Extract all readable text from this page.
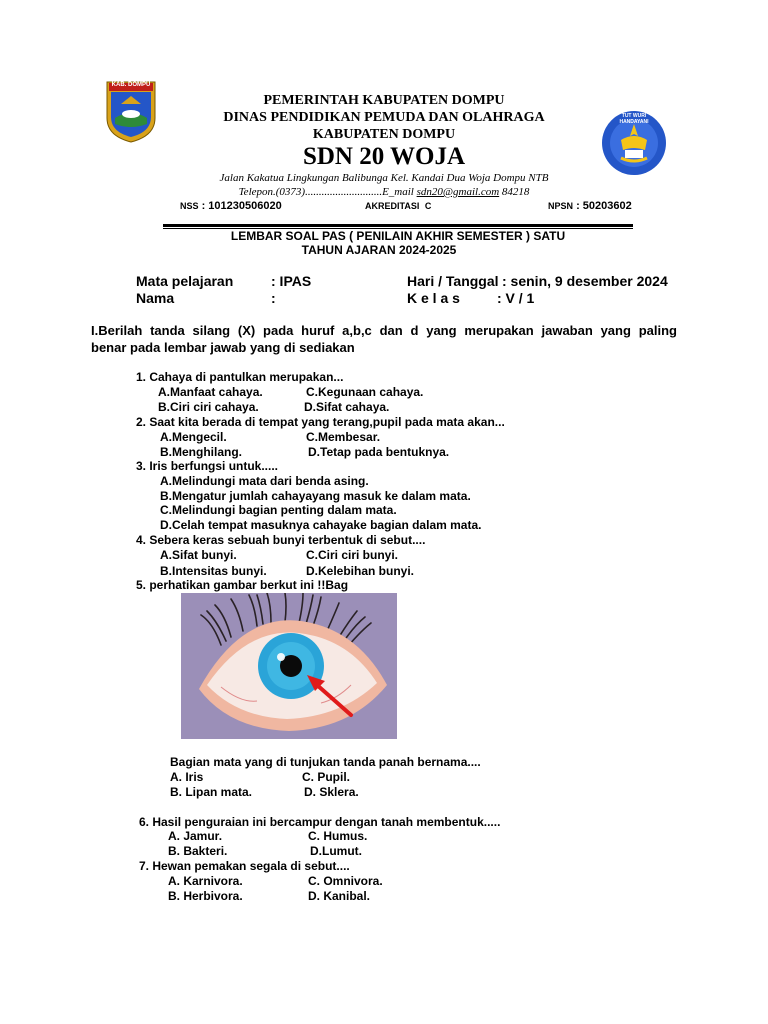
KAB. DOMPU
TUT WURI HANDAYANI
PEMERINTAH KABUPATEN DOMPU
DINAS PENDIDIKAN PEMUDA DAN OLAHRAGA
KABUPATEN DOMPU
SDN 20 WOJA
Jalan Kakatua Lingkungan Balibunga Kel. Kandai Dua Woja Dompu NTB
Telepon.(0373)............................E_mail sdn20@gmail.com 84218
NSS : 101230506020	AKREDITASI C	NPSN : 50203602
LEMBAR SOAL PAS ( PENILAIN AKHIR SEMESTER ) SATU
TAHUN AJARAN 2024-2025
Mata pelajaran	: IPAS	Hari / Tanggal : senin, 9 desember 2024
Nama	:	K e l a s	: V / 1
I.Berilah tanda silang (X) pada huruf a,b,c dan d yang merupakan jawaban yang paling
benar pada lembar jawab yang di sediakan
1. Cahaya di pantulkan merupakan...
A.Manfaat cahaya.	C.Kegunaan cahaya.
B.Ciri ciri cahaya.	D.Sifat cahaya.
2. Saat kita berada di tempat yang terang,pupil pada mata akan...
A.Mengecil.	C.Membesar.
B.Menghilang.	D.Tetap pada bentuknya.
3. Iris berfungsi untuk.....
A.Melindungi mata dari benda asing.
B.Mengatur jumlah cahayayang masuk ke dalam mata.
C.Melindungi bagian penting dalam mata.
D.Celah tempat masuknya cahayake bagian dalam mata.
4. Sebera keras sebuah bunyi terbentuk di sebut....
A.Sifat bunyi.	C.Ciri ciri bunyi.
B.Intensitas bunyi.	D.Kelebihan bunyi.
5. perhatikan gambar berkut ini !!Bag
Bagian mata yang di tunjukan tanda panah bernama....
A. Iris	C. Pupil.
B. Lipan mata.	D. Sklera.
6. Hasil penguraian ini bercampur dengan tanah membentuk.....
A. Jamur.	C. Humus.
B. Bakteri.	D.Lumut.
7. Hewan pemakan segala di sebut....
A. Karnivora.	C. Omnivora.
B. Herbivora.	D. Kanibal.
